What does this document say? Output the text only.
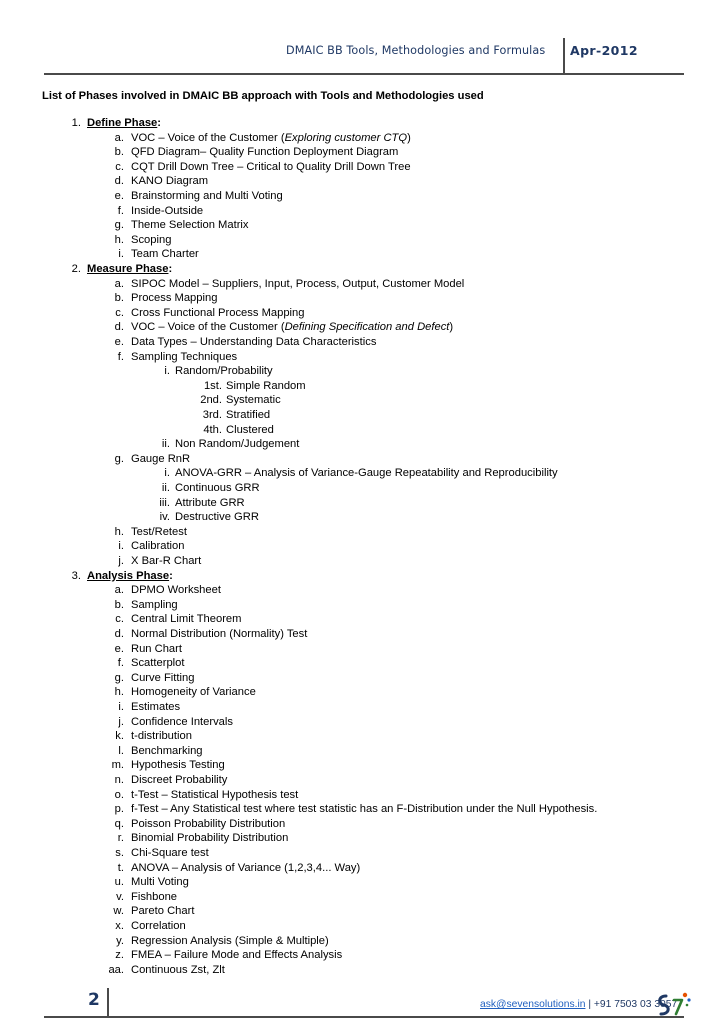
DMAIC BB Tools, Methodologies and Formulas	Apr-2012
List of Phases involved in DMAIC BB approach with Tools and Methodologies used
1. Define Phase:
a. VOC – Voice of the Customer (Exploring customer CTQ)
b. QFD Diagram– Quality Function Deployment Diagram
c. CQT Drill Down Tree – Critical to Quality Drill Down Tree
d. KANO Diagram
e. Brainstorming and Multi Voting
f. Inside-Outside
g. Theme Selection Matrix
h. Scoping
i. Team Charter
2. Measure Phase:
a. SIPOC Model – Suppliers, Input, Process, Output, Customer Model
b. Process Mapping
c. Cross Functional Process Mapping
d. VOC – Voice of the Customer (Defining Specification and Defect)
e. Data Types – Understanding Data Characteristics
f. Sampling Techniques
i. Random/Probability
1st. Simple Random
2nd. Systematic
3rd. Stratified
4th. Clustered
ii. Non Random/Judgement
g. Gauge RnR
i. ANOVA-GRR – Analysis of Variance-Gauge Repeatability and Reproducibility
ii. Continuous GRR
iii. Attribute GRR
iv. Destructive GRR
h. Test/Retest
i. Calibration
j. X Bar-R Chart
3. Analysis Phase:
a. DPMO Worksheet
b. Sampling
c. Central Limit Theorem
d. Normal Distribution (Normality) Test
e. Run Chart
f. Scatterplot
g. Curve Fitting
h. Homogeneity of Variance
i. Estimates
j. Confidence Intervals
k. t-distribution
l. Benchmarking
m. Hypothesis Testing
n. Discreet Probability
o. t-Test – Statistical Hypothesis test
p. f-Test – Any Statistical test where test statistic has an F-Distribution under the Null Hypothesis.
q. Poisson Probability Distribution
r. Binomial Probability Distribution
s. Chi-Square test
t. ANOVA – Analysis of Variance (1,2,3,4... Way)
u. Multi Voting
v. Fishbone
w. Pareto Chart
x. Correlation
y. Regression Analysis (Simple & Multiple)
z. FMEA – Failure Mode and Effects Analysis
aa. Continuous Zst, Zlt
2	ask@sevensolutions.in | +91 7503 03 3057
